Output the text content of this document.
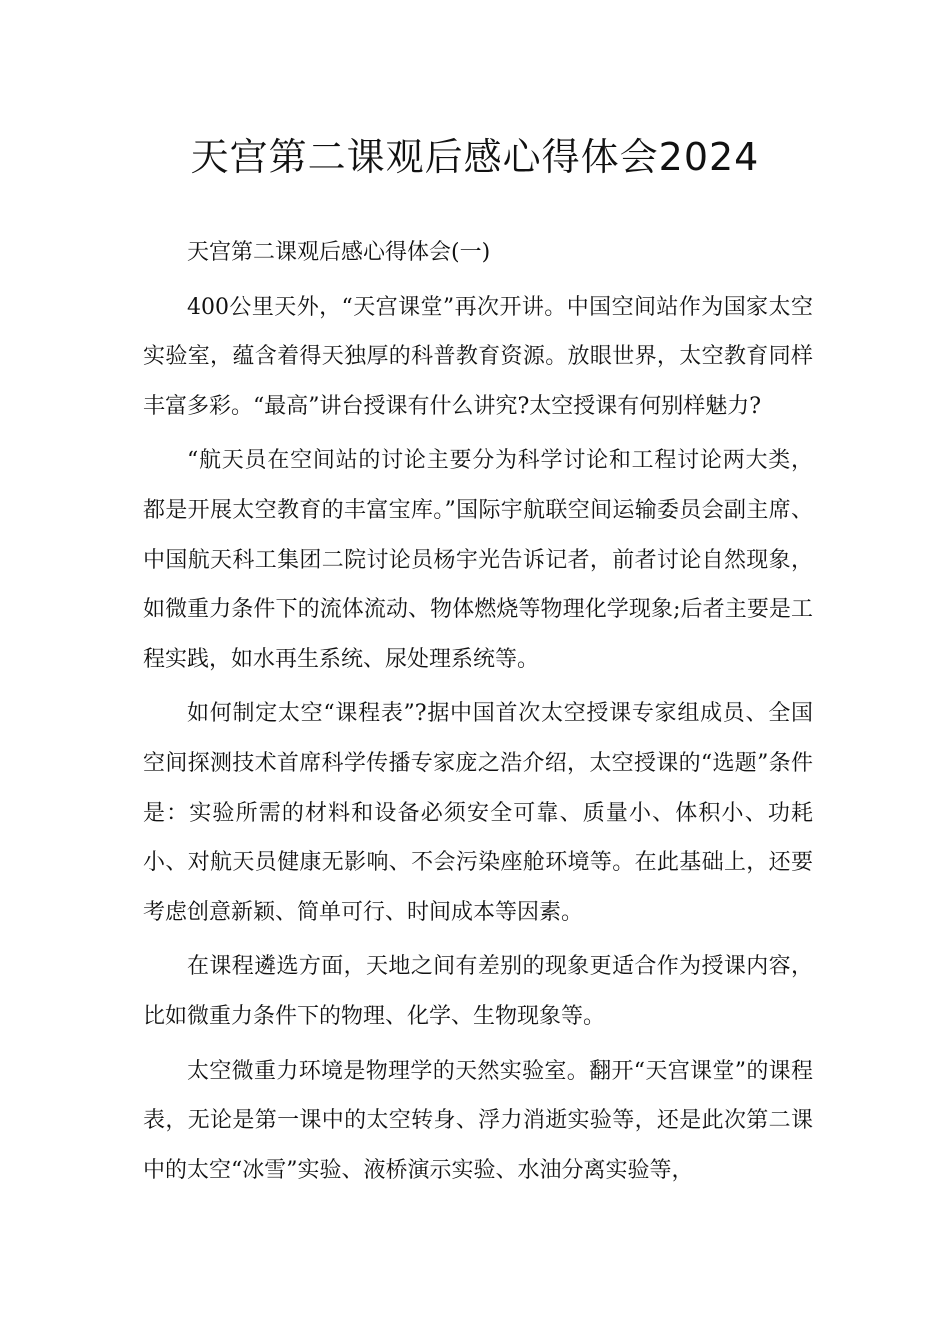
天宫第二课观后感心得体会2024

天宫第二课观后感心得体会(一)

400公里天外，“天宫课堂”再次开讲。中国空间站作为国家太空实验室，蕴含着得天独厚的科普教育资源。放眼世界，太空教育同样丰富多彩。“最高”讲台授课有什么讲究?太空授课有何别样魅力?

“航天员在空间站的讨论主要分为科学讨论和工程讨论两大类，都是开展太空教育的丰富宝库。”国际宇航联空间运输委员会副主席、中国航天科工集团二院讨论员杨宇光告诉记者，前者讨论自然现象，如微重力条件下的流体流动、物体燃烧等物理化学现象;后者主要是工程实践，如水再生系统、尿处理系统等。

如何制定太空“课程表”?据中国首次太空授课专家组成员、全国空间探测技术首席科学传播专家庞之浩介绍，太空授课的“选题”条件是：实验所需的材料和设备必须安全可靠、质量小、体积小、功耗小、对航天员健康无影响、不会污染座舱环境等。在此基础上，还要考虑创意新颖、简单可行、时间成本等因素。

在课程遴选方面，天地之间有差别的现象更适合作为授课内容，比如微重力条件下的物理、化学、生物现象等。

太空微重力环境是物理学的天然实验室。翻开“天宫课堂”的课程表，无论是第一课中的太空转身、浮力消逝实验等，还是此次第二课中的太空“冰雪”实验、液桥演示实验、水油分离实验等，
